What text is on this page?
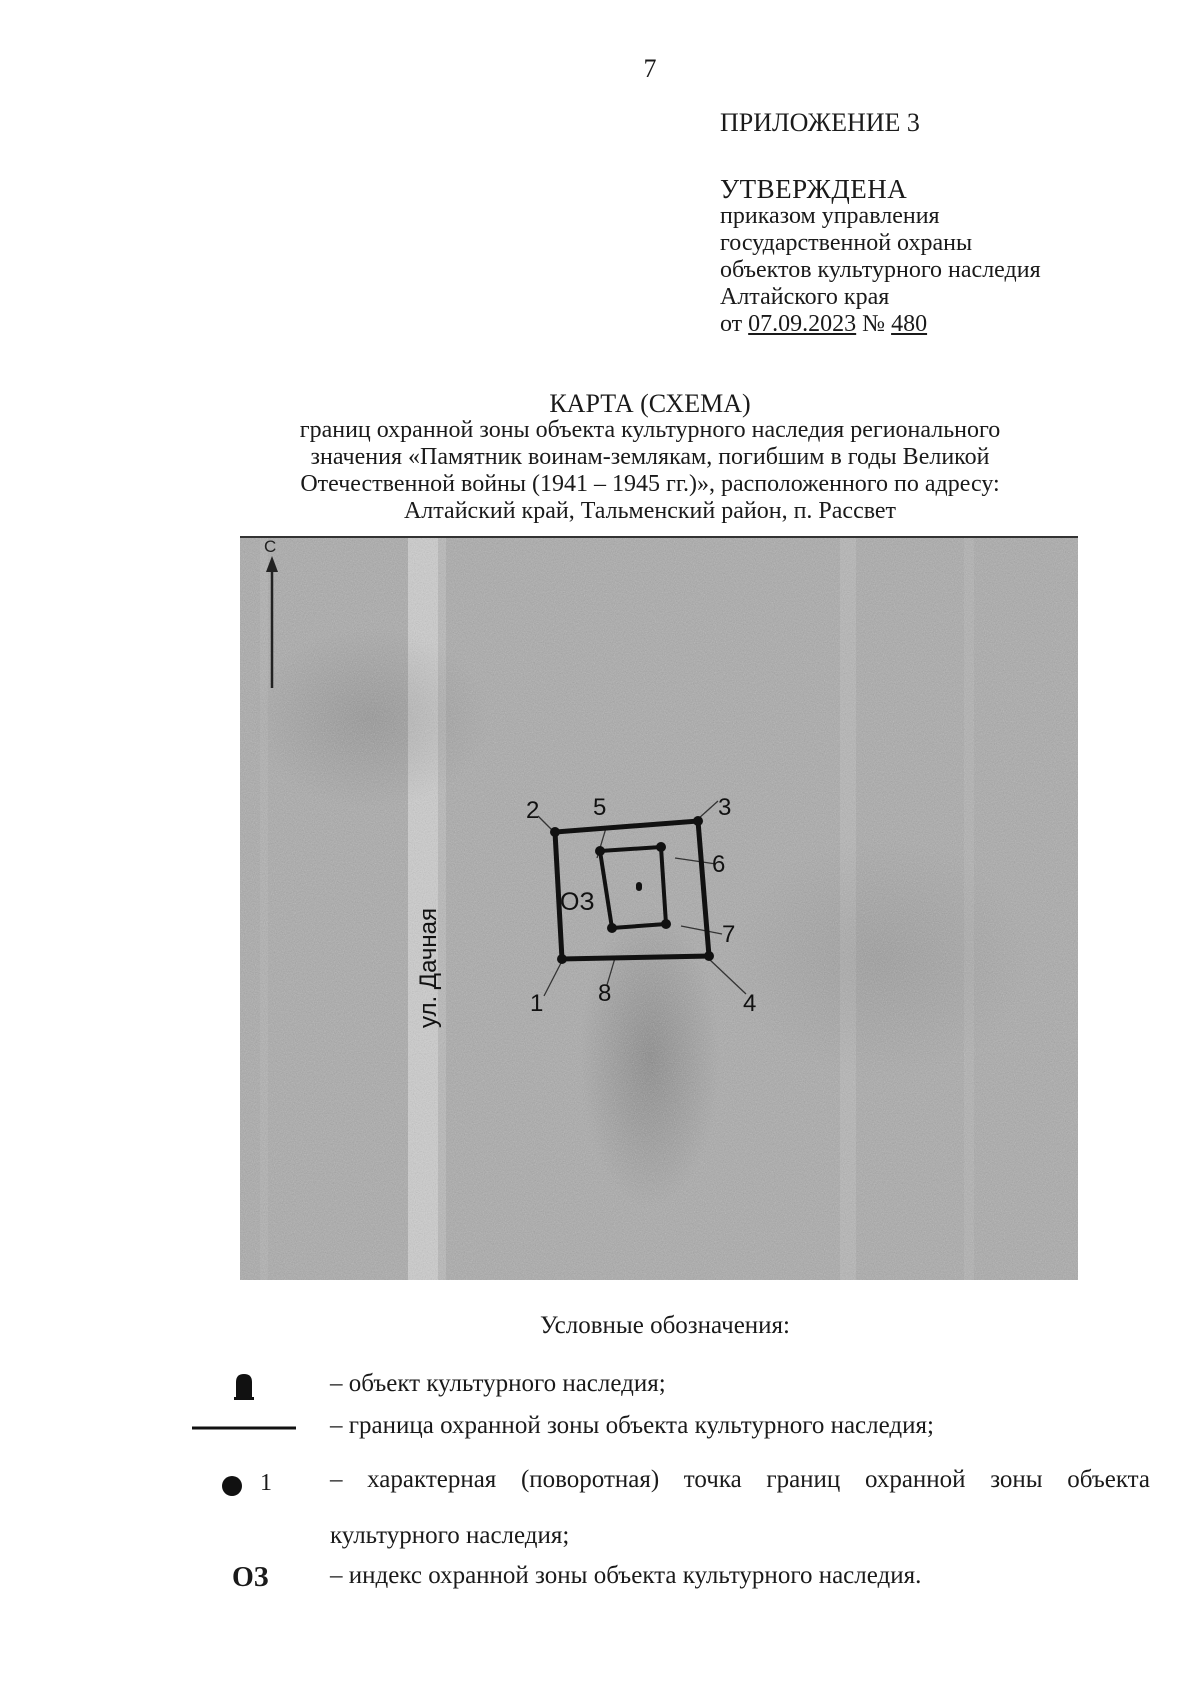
7
ПРИЛОЖЕНИЕ 3
УТВЕРЖДЕНА
приказом управления
государственной охраны
объектов культурного наследия
Алтайского края
от 07.09.2023 № 480
КАРТА (СХЕМА)
границ охранной зоны объекта культурного наследия регионального
значения «Памятник воинам-землякам, погибшим в годы Великой
Отечественной войны (1941 – 1945 гг.)», расположенного по адресу:
Алтайский край, Тальменский район, п. Рассвет
С
ул. Дачная
ОЗ
2 5	3
6
7
1 8	4
Условные обозначения:
– объект культурного наследия;
– граница охранной зоны объекта культурного наследия;
1 – характерная (поворотная) точка границ охранной зоны объекта
культурного наследия;
ОЗ – индекс охранной зоны объекта культурного наследия.
